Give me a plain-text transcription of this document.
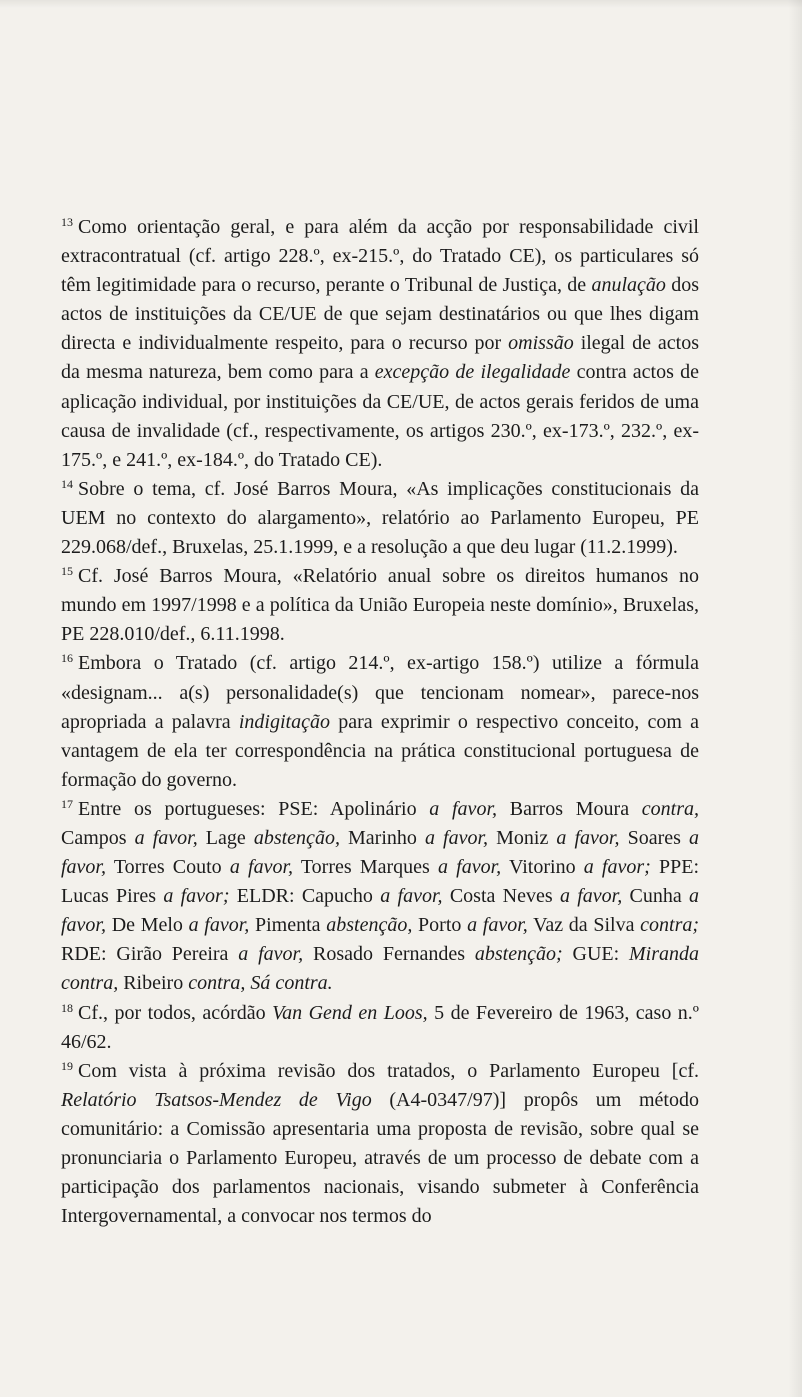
$^{13}$ Como orientação geral, e para além da acção por responsabilidade civil extracontratual (cf. artigo 228.º, ex-215.º, do Tratado CE), os particulares só têm legitimidade para o recurso, perante o Tribunal de Justiça, de anulação dos actos de instituições da CE/UE de que sejam destinatários ou que lhes digam directa e individualmente respeito, para o recurso por omissão ilegal de actos da mesma natureza, bem como para a excepção de ilegalidade contra actos de aplicação individual, por instituições da CE/UE, de actos gerais feridos de uma causa de invalidade (cf., respectivamente, os artigos 230.º, ex-173.º, 232.º, ex-175.º, e 241.º, ex-184.º, do Tratado CE).

$^{14}$ Sobre o tema, cf. José Barros Moura, «As implicações constitucionais da UEM no contexto do alargamento», relatório ao Parlamento Europeu, PE 229.068/def., Bruxelas, 25.1.1999, e a resolução a que deu lugar (11.2.1999).

$^{15}$ Cf. José Barros Moura, «Relatório anual sobre os direitos humanos no mundo em 1997/1998 e a política da União Europeia neste domínio», Bruxelas, PE 228.010/def., 6.11.1998.

$^{16}$ Embora o Tratado (cf. artigo 214.º, ex-artigo 158.º) utilize a fórmula «designam... a(s) personalidade(s) que tencionam nomear», parece-nos apropriada a palavra indigitação para exprimir o respectivo conceito, com a vantagem de ela ter correspondência na prática constitucional portuguesa de formação do governo.

$^{17}$ Entre os portugueses: PSE: Apolinário a favor, Barros Moura contra, Campos a favor, Lage abstenção, Marinho a favor, Moniz a favor, Soares a favor, Torres Couto a favor, Torres Marques a favor, Vitorino a favor; PPE: Lucas Pires a favor; ELDR: Capucho a favor, Costa Neves a favor, Cunha a favor, De Melo a favor, Pimenta abstenção, Porto a favor, Vaz da Silva contra; RDE: Girão Pereira a favor, Rosado Fernandes abstenção; GUE: Miranda contra, Ribeiro contra, Sá contra.

$^{18}$ Cf., por todos, acórdão Van Gend en Loos, 5 de Fevereiro de 1963, caso n.º 46/62.

$^{19}$ Com vista à próxima revisão dos tratados, o Parlamento Europeu [cf. Relatório Tsatsos-Mendez de Vigo (A4-0347/97)] propôs um método comunitário: a Comissão apresentaria uma proposta de revisão, sobre qual se pronunciaria o Parlamento Europeu, através de um processo de debate com a participação dos parlamentos nacionais, visando submeter à Conferência Intergovernamental, a convocar nos termos do
